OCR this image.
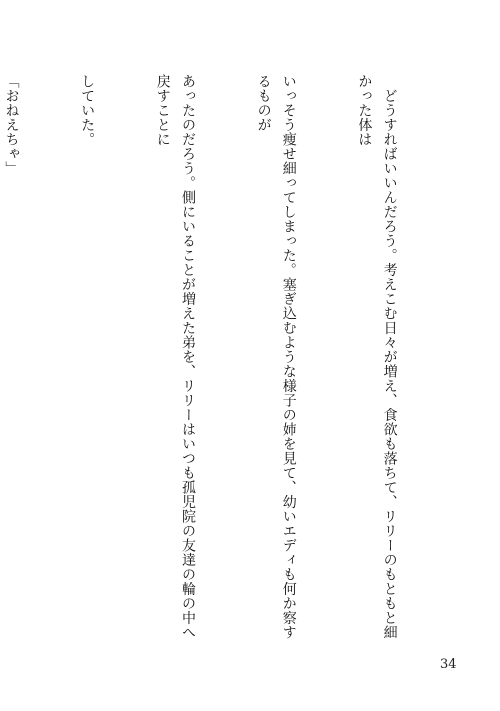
　どうすればいいんだろう。考えこむ日々が増え、食欲も落ちて、リリーのもともと細かった体は

いっそう痩せ細ってしまった。塞ぎ込むような様子の姉を見て、幼いエディも何か察するものが

あったのだろう。側にいることが増えた弟を、リリーはいつも孤児院の友達の輪の中へ戻すことに

していた。

「おねえちゃ」

34
